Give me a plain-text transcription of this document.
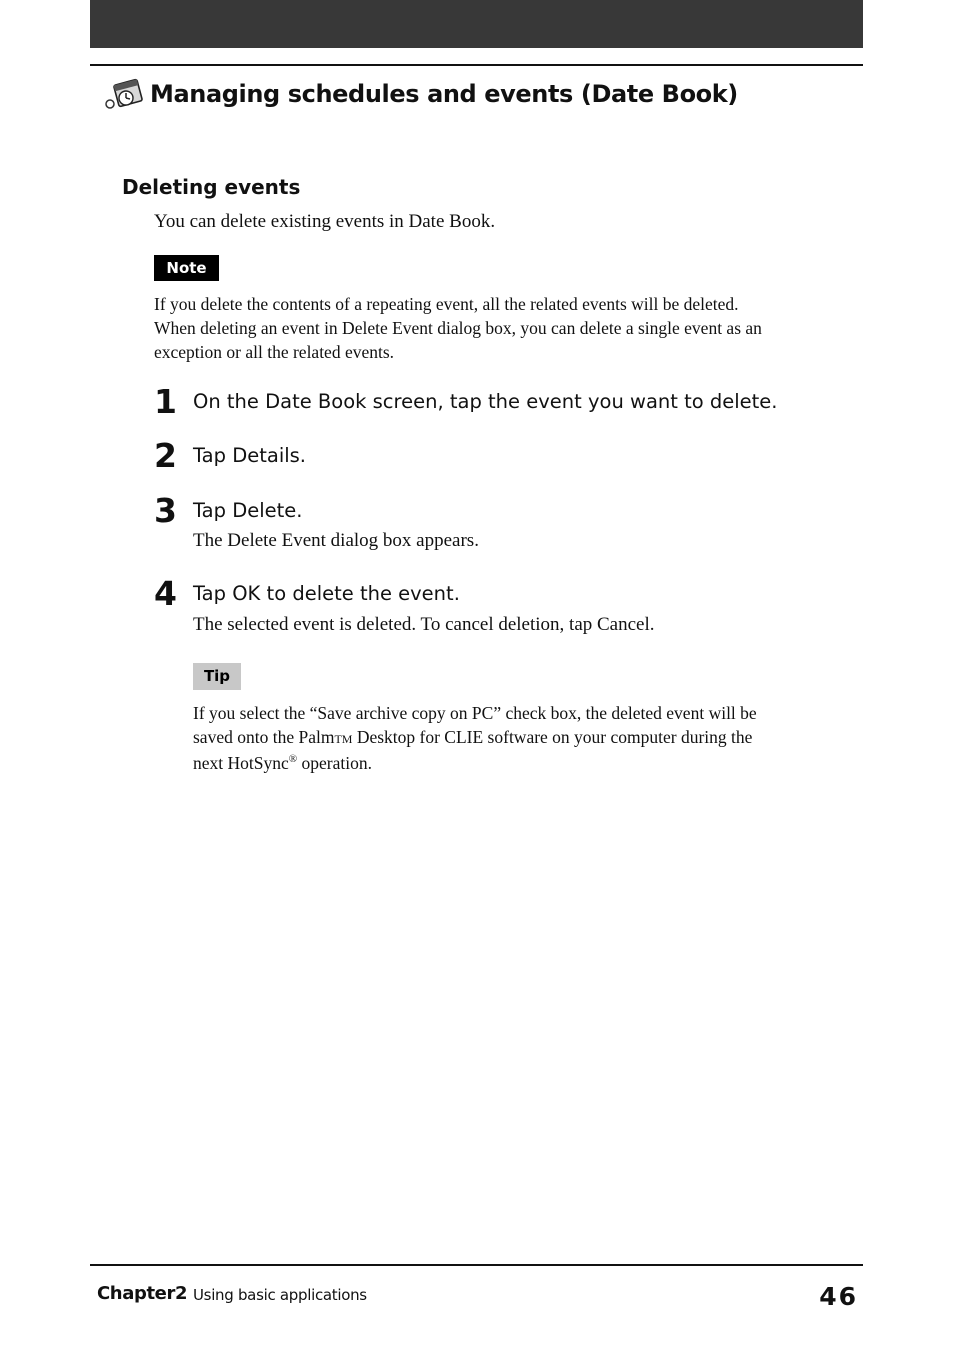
Managing schedules and events (Date Book)
Deleting events
You can delete existing events in Date Book.
Note
If you delete the contents of a repeating event, all the related events will be deleted.
When deleting an event in Delete Event dialog box, you can delete a single event as an
exception or all the related events.
1 On the Date Book screen, tap the event you want to delete.
2 Tap Details.
3 Tap Delete.
The Delete Event dialog box appears.
4 Tap OK to delete the event.
The selected event is deleted. To cancel deletion, tap Cancel.
Tip
If you select the “Save archive copy on PC” check box, the deleted event will be
saved onto the PalmTM Desktop for CLIE software on your computer during the
next HotSync® operation.
Chapter2 Using basic applications	46
